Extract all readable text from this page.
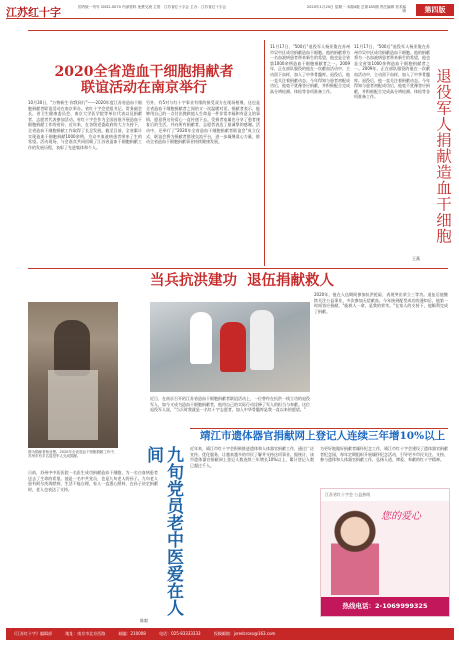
江苏红十字	国内统一刊号 CN32-0070 内部资料 免费交流 主管：江苏省红十字会 主办：江苏省红十字会	2020年1月20日 星期一 本期4版 总第185期 责任编辑 美术编辑	第四版
2020全省造血干细胞捐献者
联谊活动在南京举行
10月30日，"万物新生·你我同行"——2020年度江苏省造血干细胞捐献者联谊活动在南京举办。省红十字会党组书记、常务副会长，省卫生健康委员会、南京大学医学院等单位代表以及捐献者、志愿者代表参加活动。省红十字会作为全国首批开展造血干细胞捐献工作的省份，近年来，在各级党委政府的大力支持下，全省造血干细胞捐献工作取得了长足发展。截至目前，全省累计实现造血干细胞捐献1000余例，为众多血液病患者带来了生的希望。活动现场，与会嘉宾共同回顾了江苏省造血干细胞捐献工作的发展历程，表彰了先进集体和个人。
另外，有5对与红十字事业有缘的捐受双方在现场相聚，这也是全省造血干细胞捐献者之间的又一次温暖对话。捐献者表示，能够用自己的一点付出挽救他人生命是一件非常幸福和有意义的事情，愿意将这份爱心一直传递下去。受捐者家属也分享了患者康复后的生活，并向所有捐献者、志愿者表达了最诚挚的感谢。活动中，还举行了"2020年全省造血干细胞捐献者联谊会"成立仪式，联谊会将为捐献者搭建交流平台，进一步凝聚爱心力量，推动全省造血干细胞捐献事业持续健康发展。
11月17日，"500后"退役军人杨亚俊在苏州市吴中区成功捐献造血干细胞。他的捐献将为一名血液病患者带来新生的希望，他也是全省第1000余例造血干细胞捐献者之一。2009年，正在部队服役的他在一次献血活动中，主动留下血样，加入了中华骨髓库。退役后，他一直关注着捐献动态。今年得知与患者初配成功后，他毫不犹豫答应捐献，并积极配合完成高分辨检测、体检等各项准备工作。
11月17日，"500后"退役军人杨亚俊在苏州市吴中区成功捐献造血干细胞。他的捐献将为一名血液病患者带来新生的希望，他也是全省第1000余例造血干细胞捐献者之一。2009年，正在部队服役的他在一次献血活动中，主动留下血样，加入了中华骨髓库。退役后，他一直关注着捐献动态。今年得知与患者初配成功后，他毫不犹豫答应捐献，并积极配合完成高分辨检测、体检等各项准备工作。
王燕
退役军人捐献造血干细胞
图为捐献者杨亚俊。2020年全省造血干细胞捐献工作中，苏州市有多名退役军人完成捐献。
日前，苏州中中医医院一名医生成功捐献造血干细胞，为一名白血病患者送去了生命的希望。他是一名中共党员，也是九旬老人的孙子。九旬老人患有阿尔茨海默病，生活不能自理，家人一直悉心照料，在孙子决定捐献时，老人也表达了支持。	九旬党员老中医爱在人间
当兵抗洪建功 退伍捐献救人
2020年，他在入伍期间参加抗洪抢险，表现突出荣立三等功。退伍后他继续关注公益事业，多次参加无偿献血。今年接到配型成功的通知后，他第一时间答应捐献，"能救人一命，是我的荣幸。"在家人的支持下，他顺利完成了捐献。
近日，在南京召开的江苏省造血干细胞捐献者联谊活动上，一位曾经在抗洪一线立功的退役军人，如今又成为造血干细胞捐献者，他用自己的实际行动诠释了军人的担当与奉献。这位退役军人说，"当兵时我就是一名红十字志愿者，加入中华骨髓库是我一直以来的愿望。"
靖江市遗体器官捐献网上登记人连续三年增10%以上
近年来，靖江市红十字会积极推进遗体和人体器官捐献工作，通过广泛宣传、优化服务，让越来越多的市民了解并支持这项事业。据统计，该市遗体器官捐献网上登记人数连续三年增长10%以上，累计登记人数已超过千人。
为更好地做好捐献者缅怀纪念工作，靖江市红十字会建设了遗体器官捐献者纪念园，每年定期组织开展缅怀纪念活动，引导更多市民关注、支持、参与遗体和人体器官捐献工作，弘扬人道、博爱、奉献的红十字精神。
江苏省红十字会 公益热线
您的爱心
热线电话：2-1069999325
陈毅
《江苏红十字》编辑部	地址：南京市北京西路	邮编：210008	电话：025-83333333	投稿邮箱：jsredcross@163.com
